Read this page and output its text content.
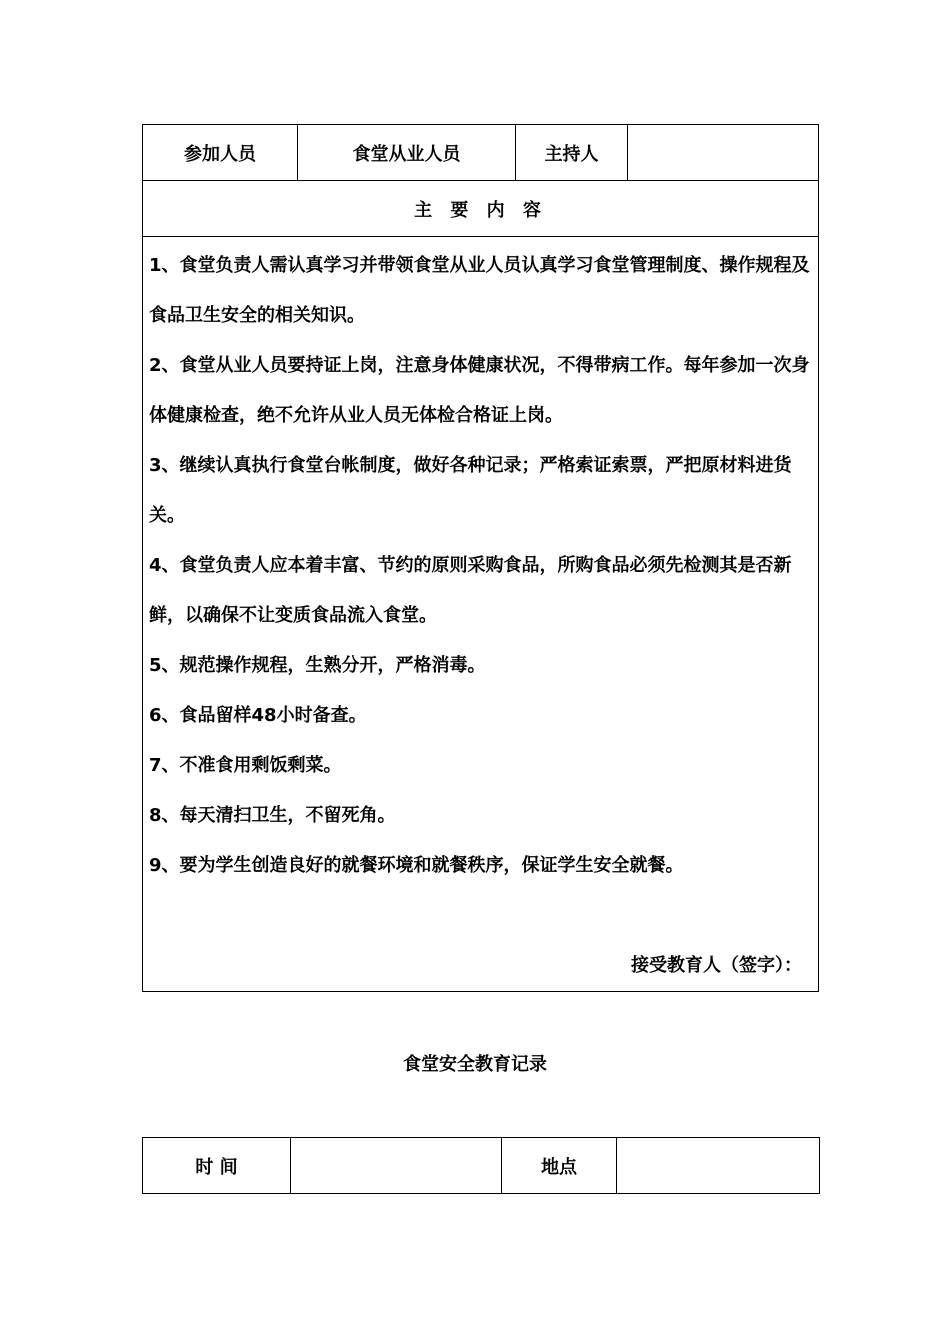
参加人员	食堂从业人员	主持人	
主 要 内 容

1、食堂负责人需认真学习并带领食堂从业人员认真学习食堂管理制度、操作规程及食品卫生安全的相关知识。

2、食堂从业人员要持证上岗，注意身体健康状况，不得带病工作。每年参加一次身体健康检查，绝不允许从业人员无体检合格证上岗。

3、继续认真执行食堂台帐制度，做好各种记录；严格索证索票，严把原材料进货关。

4、食堂负责人应本着丰富、节约的原则采购食品，所购食品必须先检测其是否新鲜，以确保不让变质食品流入食堂。

5、规范操作规程，生熟分开，严格消毒。

6、食品留样48小时备查。

7、不准食用剩饭剩菜。

8、每天清扫卫生，不留死角。

9、要为学生创造良好的就餐环境和就餐秩序，保证学生安全就餐。

接受教育人（签字）：
食堂安全教育记录
时 间		地点	
